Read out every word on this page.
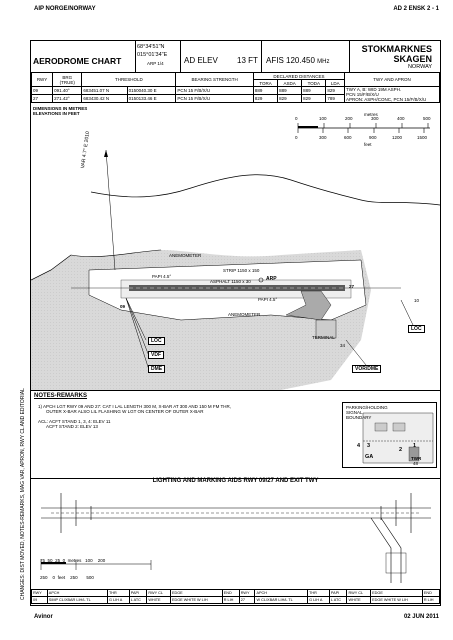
AIP NORGE/NORWAY	AD 2 ENSK 2 - 1
AERODROME CHART
68°34'51"N
015°01'34"E
ARP 1/4	AD ELEV 13 FT AFIS 120.450 MHz
STOKMARKNES
SKAGEN
NORWAY
RWY	BRG
(TRUE)	THRESHOLD		BEARING STRENGTH	DECLARED DISTANCES				TWY AND APRON
					TORA	ASDA	TODA	LDA	
09	091.40°	683451.07 N	0150040.30 E	PCN 15 F/B/X/U	889	889	889	829	TWY A, B: WID 19M ASPH.
PCN 15/F/B/X/U
APRON: ASPH/CONC, PCN 15/F/B/X/U
27	271.42°	683430.42 N	0150133.46 E	PCN 15 F/B/X/U	829	829	829	789	
DIMENSIONS IN METRES
ELEVATIONS IN FEET	metres
0	100	200	300	400	500
0	300	600	900	1200	1500
feet
VAR 4.7° E 2010
ANEMOMETER
STRIP 1150 x 150
PAPI 4.5°
ASPHALT 1150 x 30	ARP
PAPI 4.5°
ANEMOMETER
TERMINAL
34
10
09
27
LOC
VDF
DME	VOR/DME
LOC
NOTES-REMARKS
1) APCH LGT RWY 09 AND 27: CAT I LAL LENGTH 300 M, X-BAR AT 300 AND 150 M FM THR,
OUTER X-BAR ALSO LIL FLASHING W LGT ON CENTER OF OUTER X-BAR
ACL: ACFT STAND 1, 3, 4: ELEV 11
ACFT STAND 2: ELEV 13
PARKING/HOLDING SIGNAL BOUNDARY
4 3
2
1
GA	TWR
48
LIGHTING AND MARKING AIDS RWY 09/27 AND EXIT TWY
75 50 25 0 metres 100 200
250 0 feet 250 500
RWY	APCH	THR	PAPI	RWY CL	EDGE	END	RWY	APCH	THR	PAPI	RWY CL	EDGE	END
09	SIMP CL/XBAR LIH/L TL	G LIH A	L ATC	WHITE	EDGE WHITE W LIH	R LIH	27	W CL/XBAR LIH/L TL	G LIH A	L ATC	WHITE	EDGE WHITE W LIH	R LIH
CHANGES: DIST MOVED, NOTES-REMARKS, MAG VAR, APRON, RWY CL AND EDITORIAL
Avinor	02 JUN 2011
